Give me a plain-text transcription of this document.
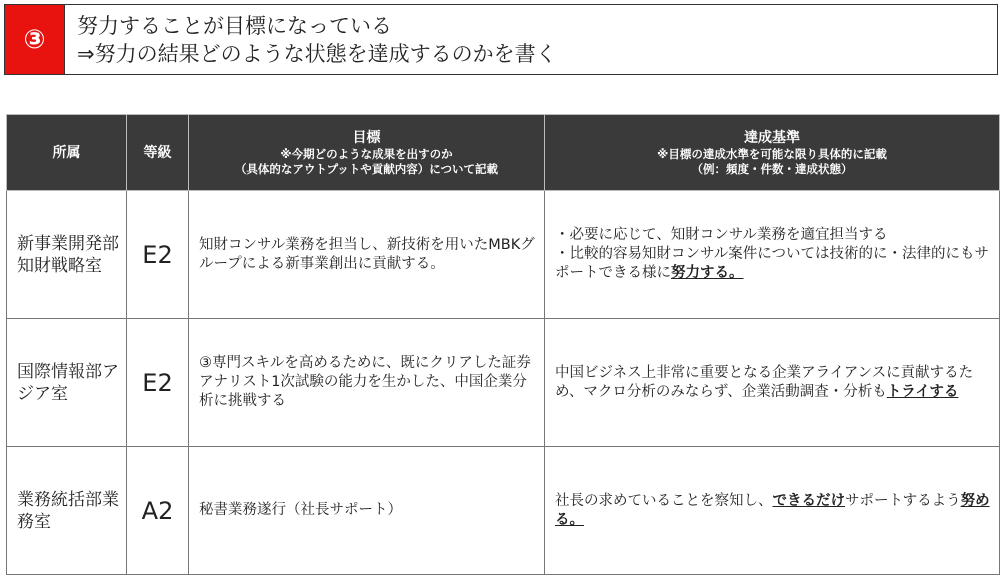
③	努力することが目標になっている
⇒努力の結果どのような状態を達成するのかを書く
所属	等級	目標
※今期どのような成果を出すのか
（具体的なアウトプットや貢献内容）について記載	達成基準
※目標の達成水準を可能な限り具体的に記載
（例：頻度・件数・達成状態）

新事業開発部　知財戦略室	E2	知財コンサル業務を担当し、新技術を用いたMBKグループによる新事業創出に貢献する。	・必要に応じて、知財コンサル業務を適宜担当する
・比較的容易知財コンサル案件については技術的に・法律的にもサポートできる様に努力する。

国際情報部アジア室	E2	③専門スキルを高めるために、既にクリアした証券アナリスト1次試験の能力を生かした、中国企業分析に挑戦する	中国ビジネス上非常に重要となる企業アライアンスに貢献するため、マクロ分析のみならず、企業活動調査・分析もトライする
業務統括部業務室	A2	秘書業務遂行（社長サポート）	社長の求めていることを察知し、できるだけサポートするよう努める。
